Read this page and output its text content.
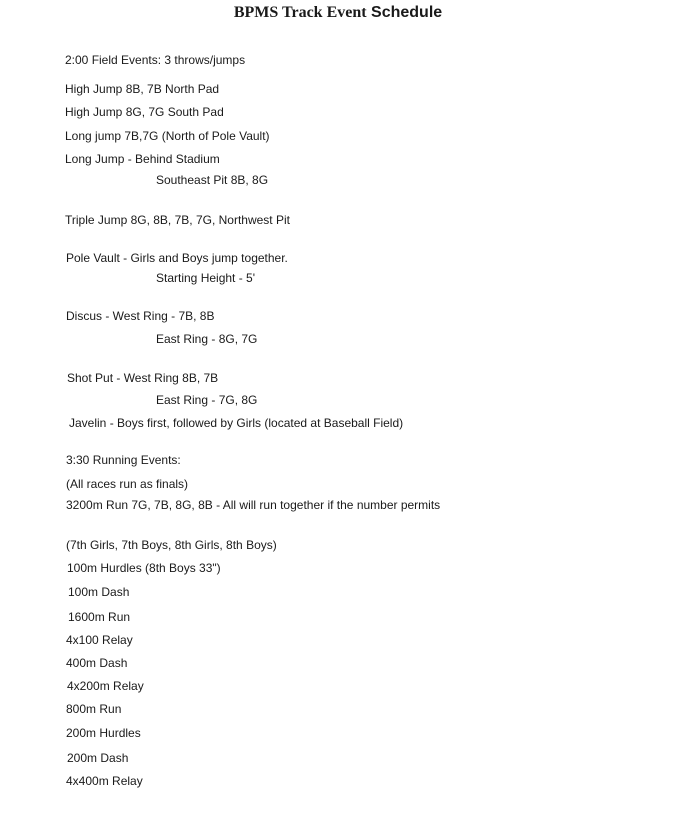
BPMS Track Event Schedule
2:00 Field Events: 3 throws/jumps
High Jump 8B, 7B North Pad
High Jump 8G, 7G South Pad
Long jump 7B,7G (North of Pole Vault)
Long Jump - Behind Stadium
Southeast Pit 8B, 8G
Triple Jump 8G, 8B, 7B, 7G, Northwest Pit
Pole Vault - Girls and Boys jump together.
Starting Height - 5'
Discus - West Ring - 7B, 8B
East Ring - 8G, 7G
Shot Put - West Ring 8B, 7B
East Ring - 7G, 8G
Javelin - Boys first, followed by Girls (located at Baseball Field)
3:30 Running Events:
(All races run as finals)
3200m Run 7G, 7B, 8G, 8B - All will run together if the number permits
(7th Girls, 7th Boys, 8th Girls, 8th Boys)
100m Hurdles (8th Boys 33")
100m Dash
1600m Run
4x100 Relay
400m Dash
4x200m Relay
800m Run
200m Hurdles
200m Dash
4x400m Relay
